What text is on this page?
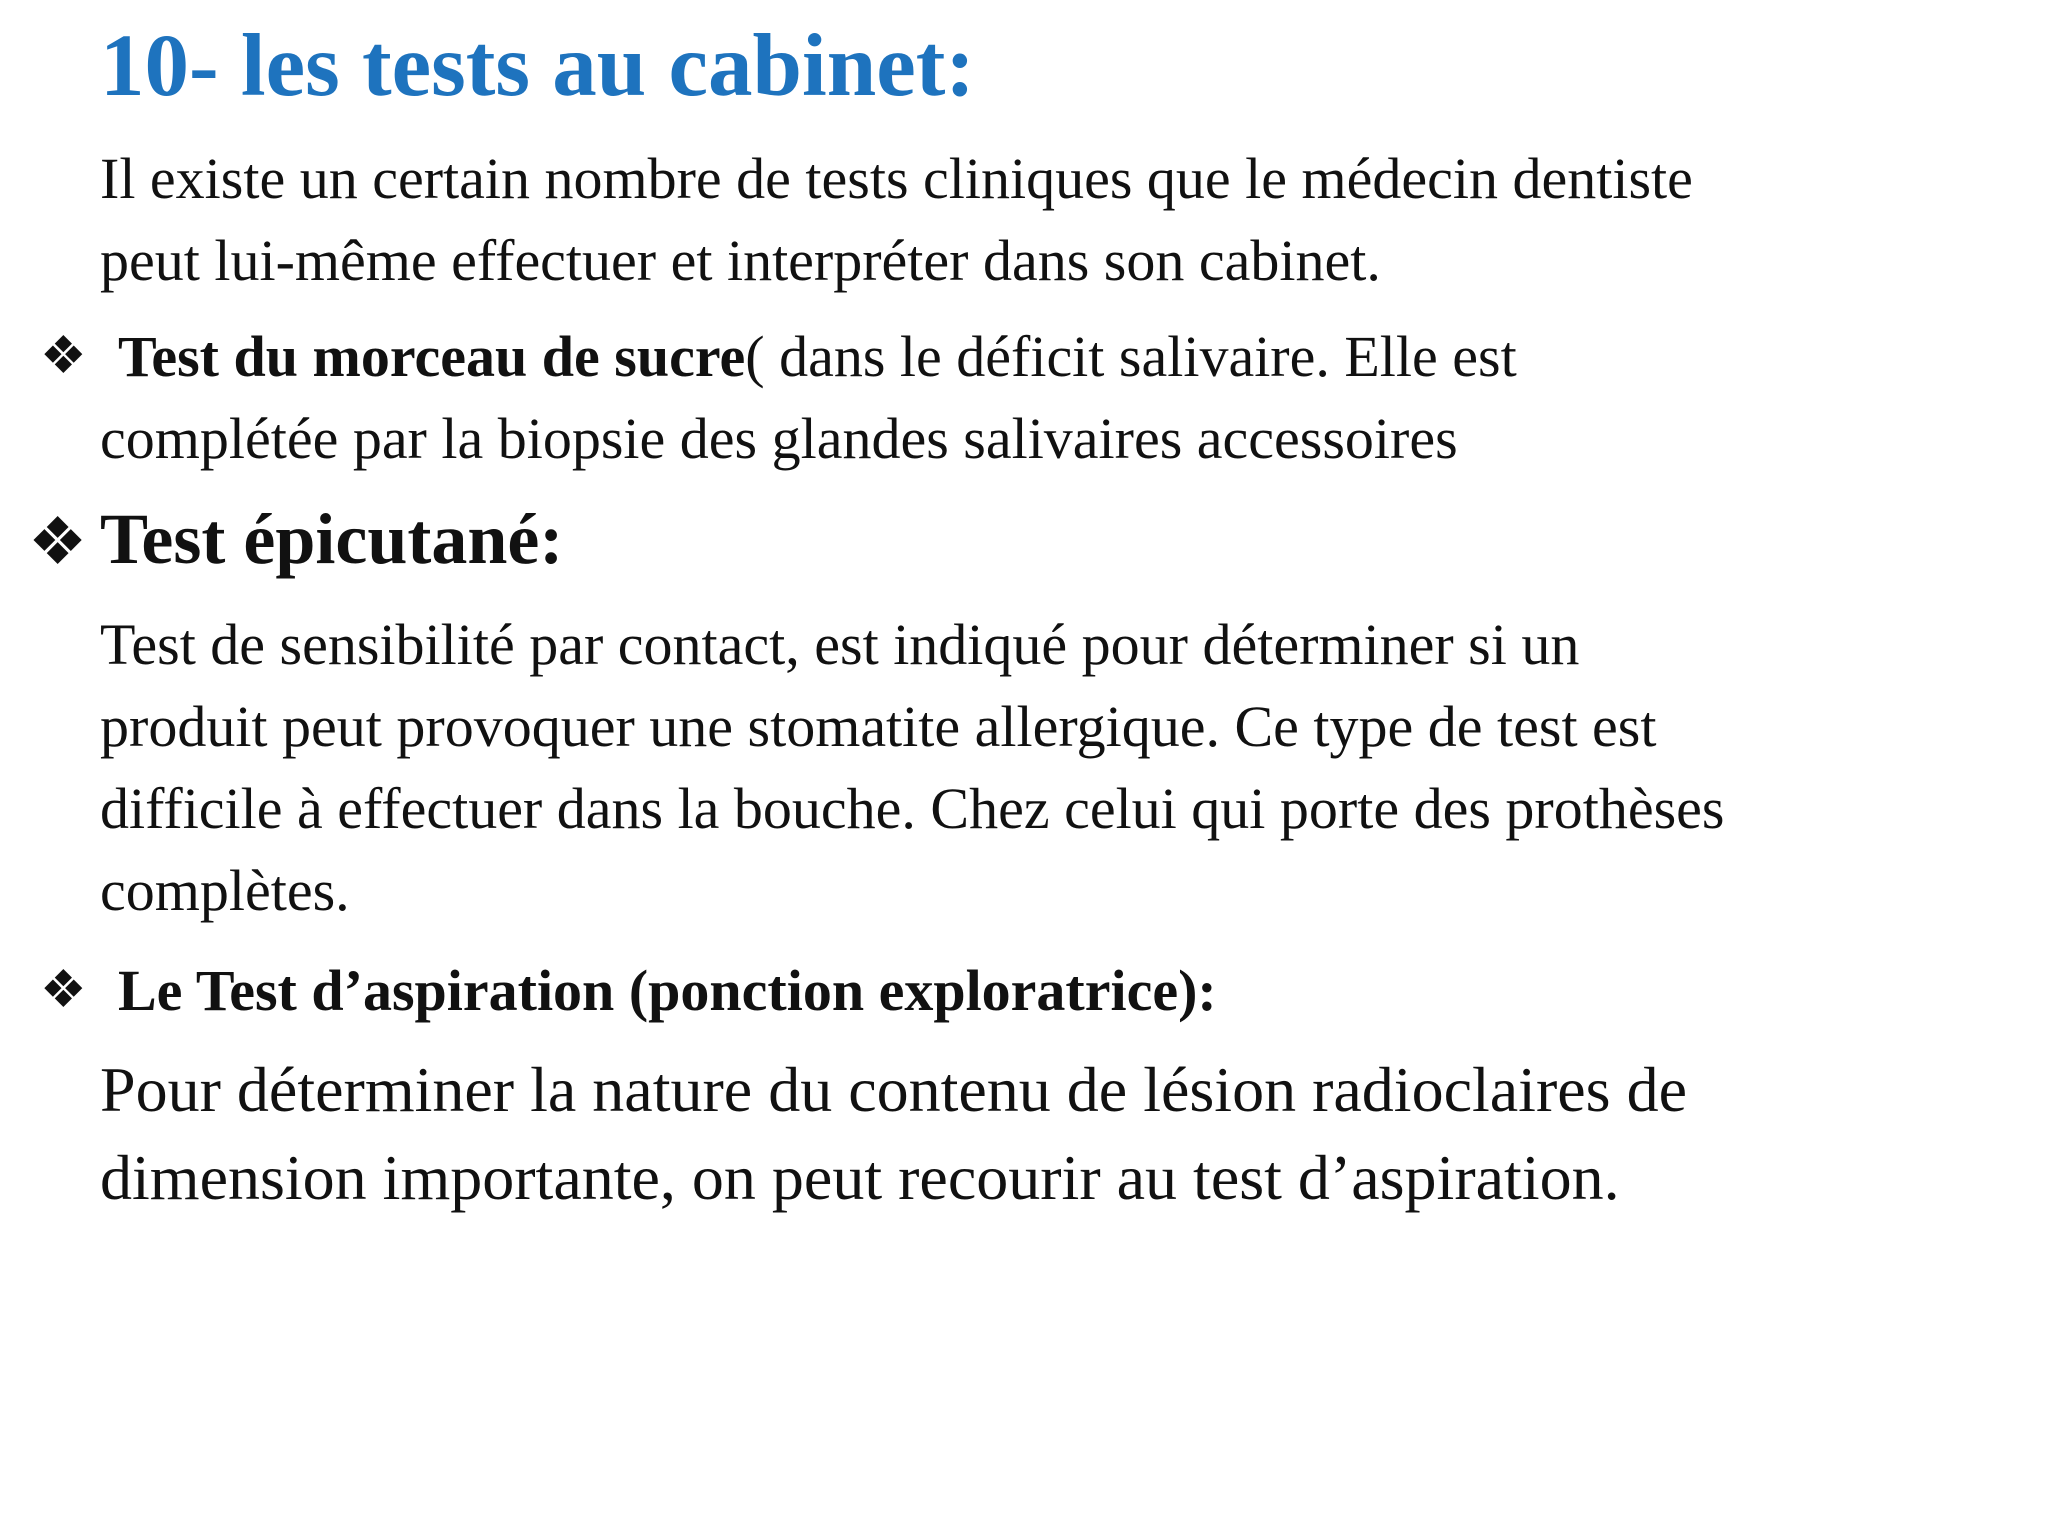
10- les tests au cabinet:
Il existe un certain nombre de tests cliniques que le médecin dentiste
peut lui-même effectuer et interpréter dans son cabinet.
❖ Test du morceau de sucre( dans le déficit salivaire. Elle est
complétée par la biopsie des glandes salivaires accessoires
❖ Test épicutané:
Test de sensibilité par contact, est indiqué pour déterminer si un
produit peut provoquer une stomatite allergique. Ce type de test est
difficile à effectuer dans la bouche. Chez celui qui porte des prothèses
complètes.
❖ Le Test d’aspiration (ponction exploratrice):
Pour déterminer la nature du contenu de lésion radioclaires de
dimension importante, on peut recourir au test d’aspiration.
